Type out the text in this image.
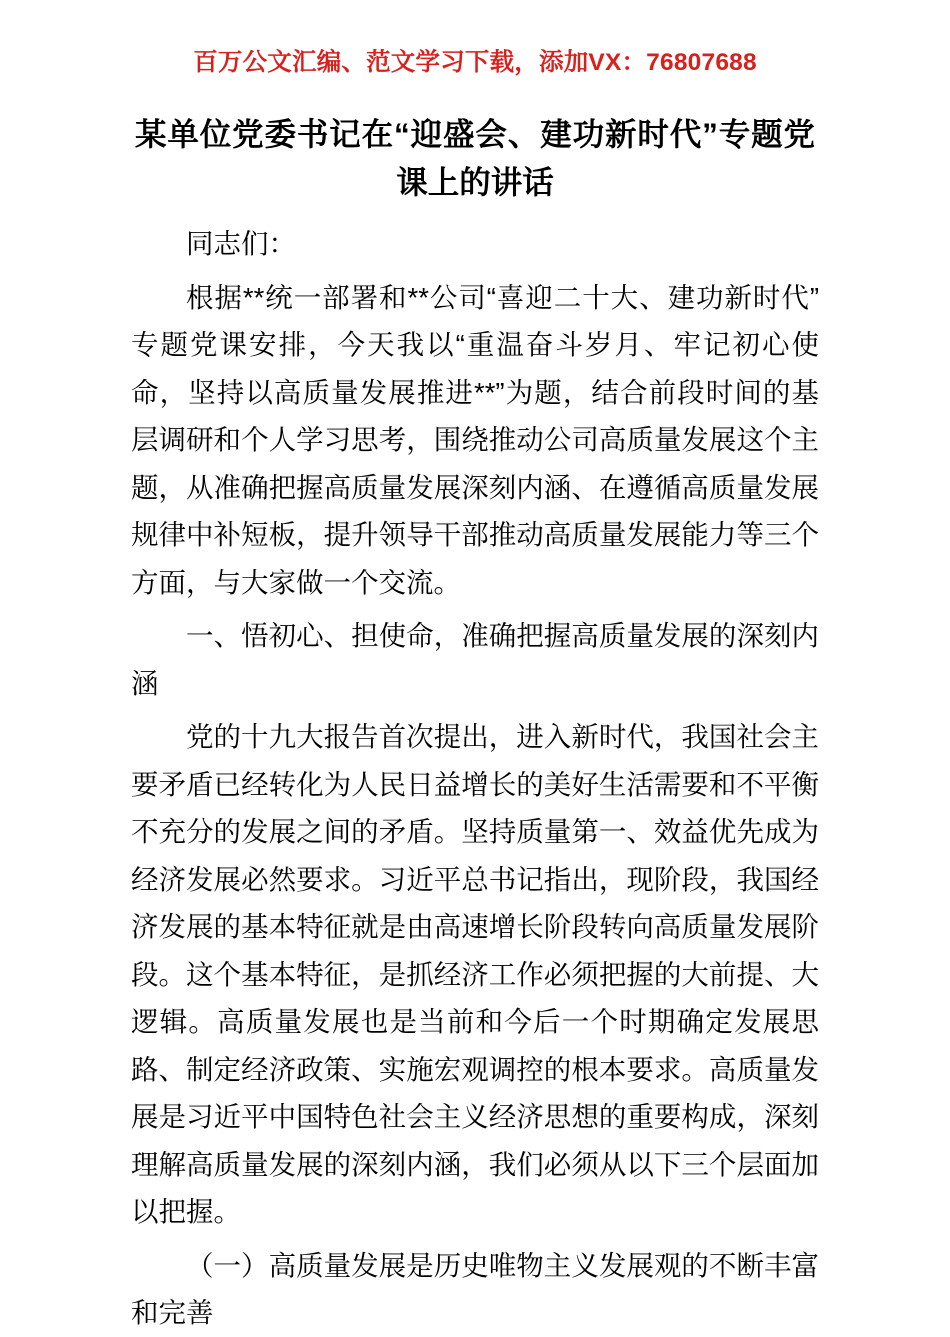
百万公文汇编、范文学习下载，添加VX：76807688
某单位党委书记在“迎盛会、建功新时代”专题党课上的讲话

同志们：

根据**统一部署和**公司“喜迎二十大、建功新时代”专题党课安排，今天我以“重温奋斗岁月、牢记初心使命，坚持以高质量发展推进**”为题，结合前段时间的基层调研和个人学习思考，围绕推动公司高质量发展这个主题，从准确把握高质量发展深刻内涵、在遵循高质量发展规律中补短板，提升领导干部推动高质量发展能力等三个方面，与大家做一个交流。

一、悟初心、担使命，准确把握高质量发展的深刻内涵

党的十九大报告首次提出，进入新时代，我国社会主要矛盾已经转化为人民日益增长的美好生活需要和不平衡不充分的发展之间的矛盾。坚持质量第一、效益优先成为经济发展必然要求。习近平总书记指出，现阶段，我国经济发展的基本特征就是由高速增长阶段转向高质量发展阶段。这个基本特征，是抓经济工作必须把握的大前提、大逻辑。高质量发展也是当前和今后一个时期确定发展思路、制定经济政策、实施宏观调控的根本要求。高质量发展是习近平中国特色社会主义经济思想的重要构成，深刻理解高质量发展的深刻内涵，我们必须从以下三个层面加以把握。

（一）高质量发展是历史唯物主义发展观的不断丰富和完善
